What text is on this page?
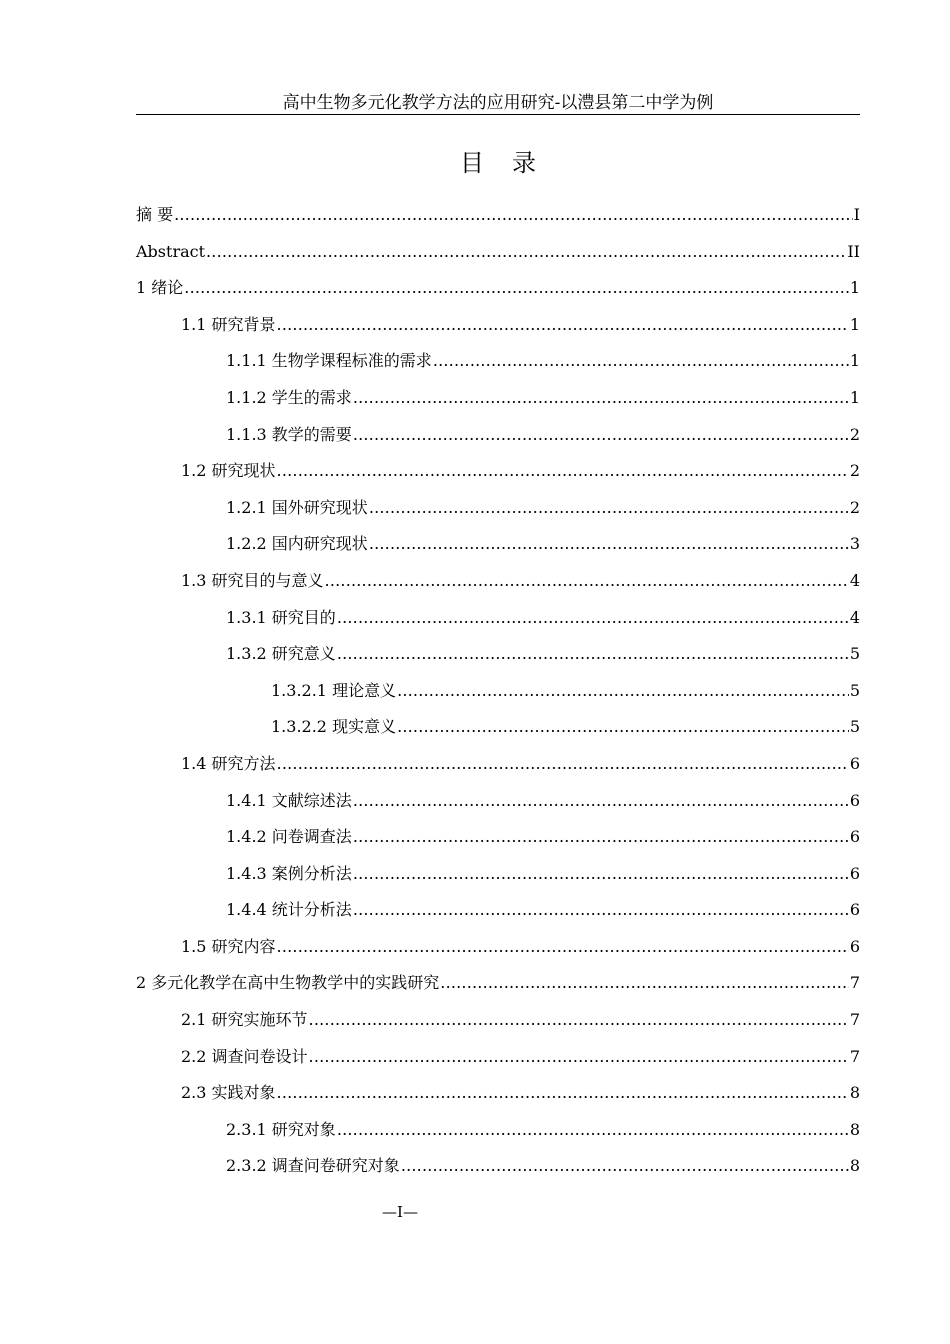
高中生物多元化教学方法的应用研究-以澧县第二中学为例
目录
摘 要 .....	I
Abstract .....	II
1 绪论 .....	1
1.1 研究背景 .....	1
1.1.1 生物学课程标准的需求 .....	1
1.1.2 学生的需求 .....	1
1.1.3 教学的需要 .....	2
1.2 研究现状 .....	2
1.2.1 国外研究现状 .....	2
1.2.2 国内研究现状 .....	3
1.3 研究目的与意义 .....	4
1.3.1 研究目的 .....	4
1.3.2 研究意义 .....	5
1.3.2.1 理论意义 .....	5
1.3.2.2 现实意义 .....	5
1.4 研究方法 .....	6
1.4.1 文献综述法 .....	6
1.4.2 问卷调查法 .....	6
1.4.3 案例分析法 .....	6
1.4.4 统计分析法 .....	6
1.5 研究内容 .....	6
2 多元化教学在高中生物教学中的实践研究 .....	7
2.1 研究实施环节 .....	7
2.2 调查问卷设计 .....	7
2.3 实践对象 .....	8
2.3.1 研究对象 .....	8
2.3.2 调查问卷研究对象 .....	8
—I—
